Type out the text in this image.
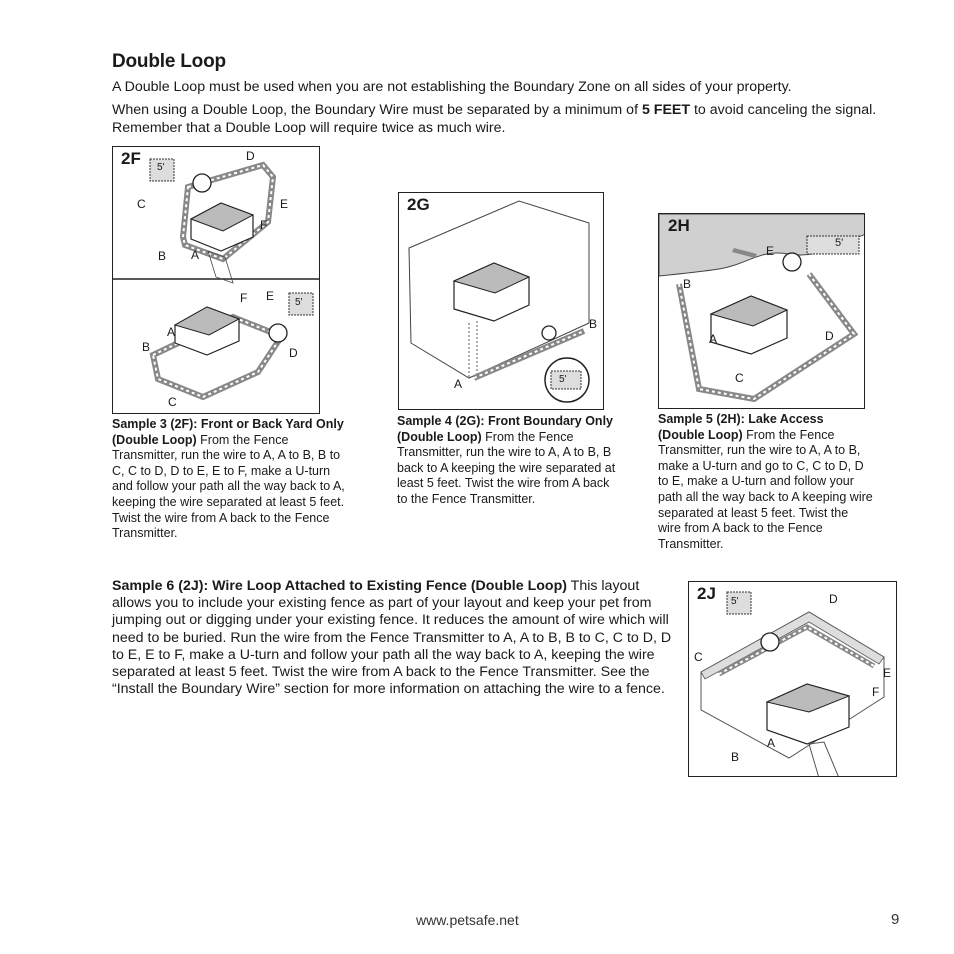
Double Loop

A Double Loop must be used when you are not establishing the Boundary Zone on all sides of your property.

When using a Double Loop, the Boundary Wire must be separated by a minimum of 5 FEET to avoid canceling the signal. Remember that a Double Loop will require twice as much wire.

2F 5'
D
C	E
F
B A
5'
F E
A
B	D
C
Sample 3 (2F): Front or Back Yard Only (Double Loop) From the Fence Transmitter, run the wire to A, A to B, B to C, C to D, D to E, E to F, make a U-turn and follow your path all the way back to A, keeping the wire separated at least 5 feet. Twist the wire from A back to the Fence Transmitter.
2G
B
A	5'
Sample 4 (2G): Front Boundary Only (Double Loop) From the Fence Transmitter, run the wire to A, A to B, B back to A keeping the wire separated at least 5 feet. Twist the wire from A back to the Fence Transmitter.
2H
5'
E
B
A	D
C
Sample 5 (2H): Lake Access (Double Loop) From the Fence Transmitter, run the wire to A, A to B, make a U-turn and go to C, C to D, D to E, make a U-turn and follow your path all the way back to A keeping wire separated at least 5 feet. Twist the wire from A back to the Fence Transmitter.
Sample 6 (2J): Wire Loop Attached to Existing Fence (Double Loop) This layout allows you to include your existing fence as part of your layout and keep your pet from jumping out or digging under your existing fence. It reduces the amount of wire which will need to be buried. Run the wire from the Fence Transmitter to A, A to B, B to C, C to D, D to E, E to F, make a U-turn and follow your path all the way back to A, keeping the wire separated at least 5 feet. Twist the wire from A back to the Fence Transmitter. See the “Install the Boundary Wire” section for more information on attaching the wire to a fence.
2J 5'	D
C
E
F
A
B
www.petsafe.net	9
